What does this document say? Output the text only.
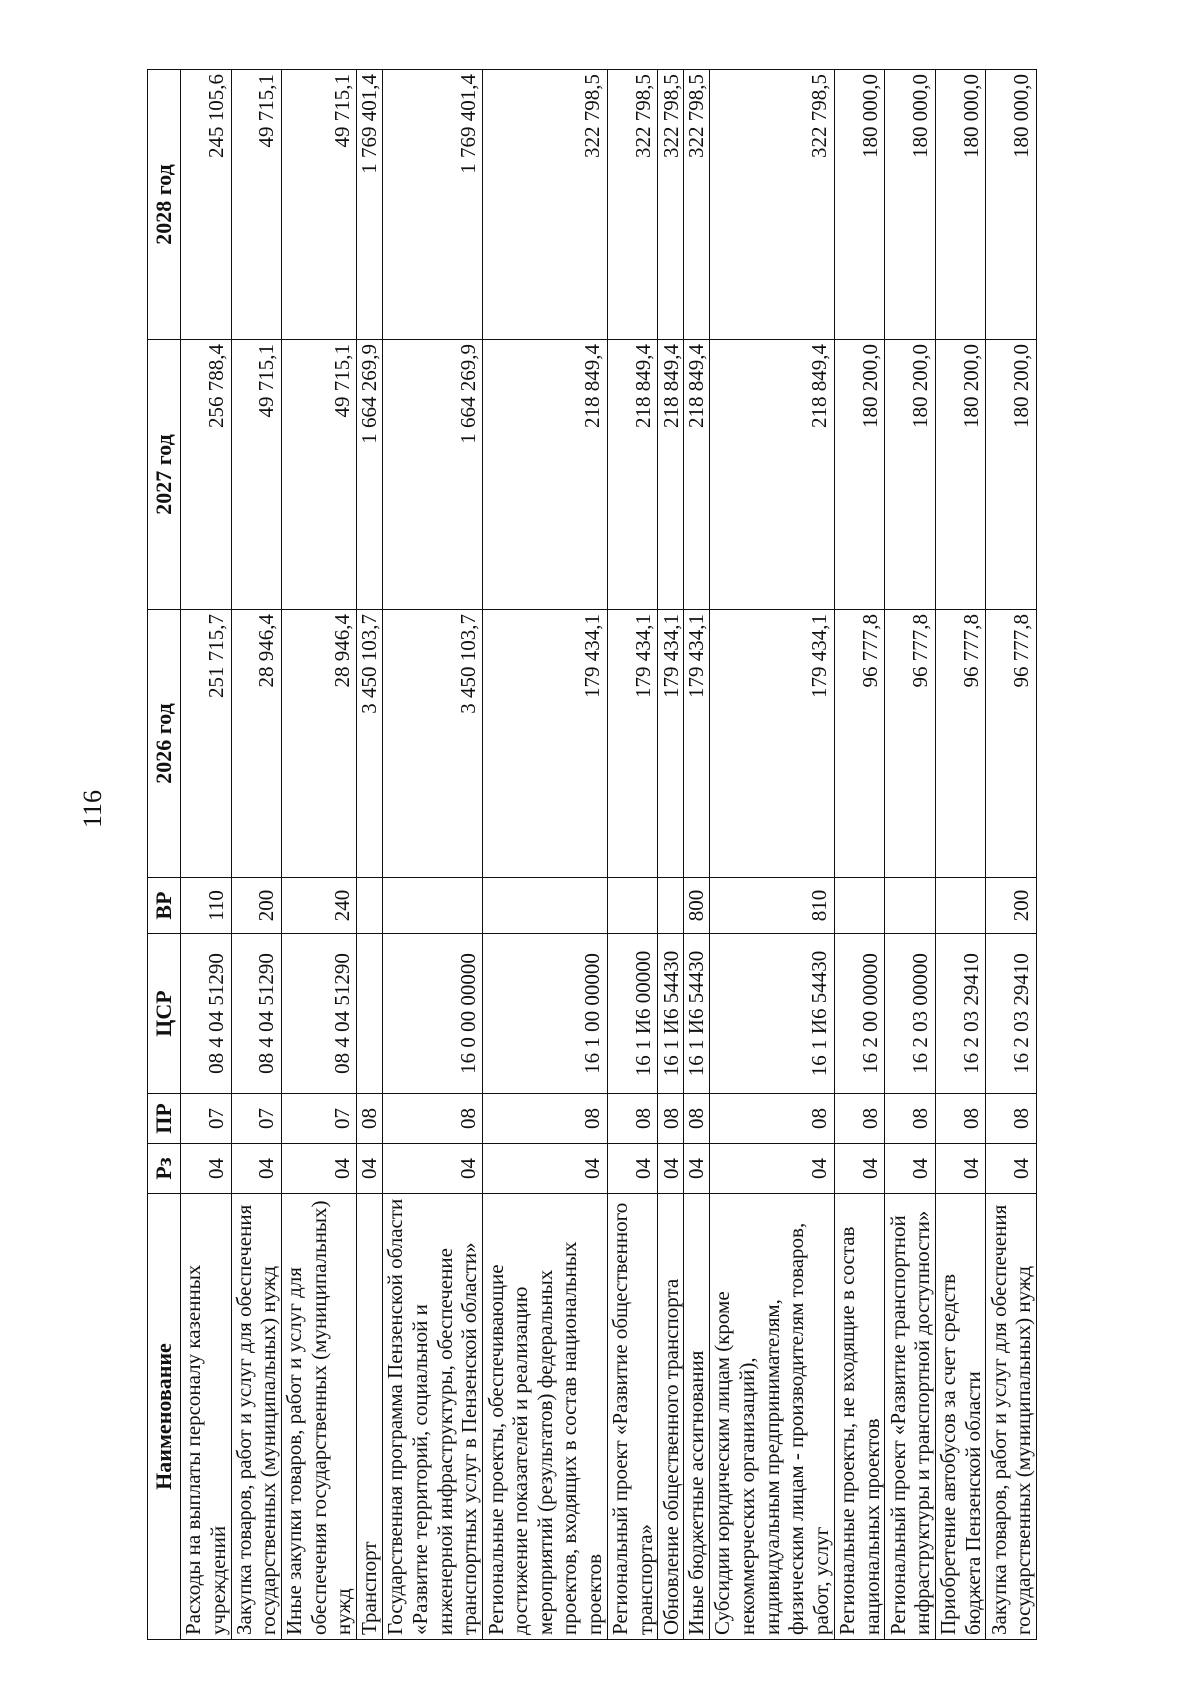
116
Наименование	Рз	ПР	ЦСР	ВР	2026 год	2027 год	2028 год
Расходы на выплаты персоналу казенных учреждений	04	07	08 4 04 51290	110	251 715,7	256 788,4	245 105,6
Закупка товаров, работ и услуг для обеспечения государственных (муниципальных) нужд	04	07	08 4 04 51290	200	28 946,4	49 715,1	49 715,1
Иные закупки товаров, работ и услуг для обеспечения государственных (муниципальных) нужд	04	07	08 4 04 51290	240	28 946,4	49 715,1	49 715,1
Транспорт	04	08			3 450 103,7	1 664 269,9	1 769 401,4
Государственная программа Пензенской области «Развитие территорий, социальной и инженерной инфраструктуры, обеспечение транспортных услуг в Пензенской области»	04	08	16 0 00 00000		3 450 103,7	1 664 269,9	1 769 401,4
Региональные проекты, обеспечивающие достижение показателей и реализацию мероприятий (результатов) федеральных проектов, входящих в состав национальных проектов	04	08	16 1 00 00000		179 434,1	218 849,4	322 798,5
Региональный проект «Развитие общественного транспорта»	04	08	16 1 И6 00000		179 434,1	218 849,4	322 798,5
Обновление общественного транспорта	04	08	16 1 И6 54430		179 434,1	218 849,4	322 798,5
Иные бюджетные ассигнования	04	08	16 1 И6 54430	800	179 434,1	218 849,4	322 798,5
Субсидии юридическим лицам (кроме некоммерческих организаций), индивидуальным предпринимателям, физическим лицам - производителям товаров, работ, услуг	04	08	16 1 И6 54430	810	179 434,1	218 849,4	322 798,5
Региональные проекты, не входящие в состав национальных проектов	04	08	16 2 00 00000		96 777,8	180 200,0	180 000,0
Региональный проект «Развитие транспортной инфраструктуры и транспортной доступности»	04	08	16 2 03 00000		96 777,8	180 200,0	180 000,0
Приобретение автобусов за счет средств бюджета Пензенской области	04	08	16 2 03 29410		96 777,8	180 200,0	180 000,0
Закупка товаров, работ и услуг для обеспечения государственных (муниципальных) нужд	04	08	16 2 03 29410	200	96 777,8	180 200,0	180 000,0
